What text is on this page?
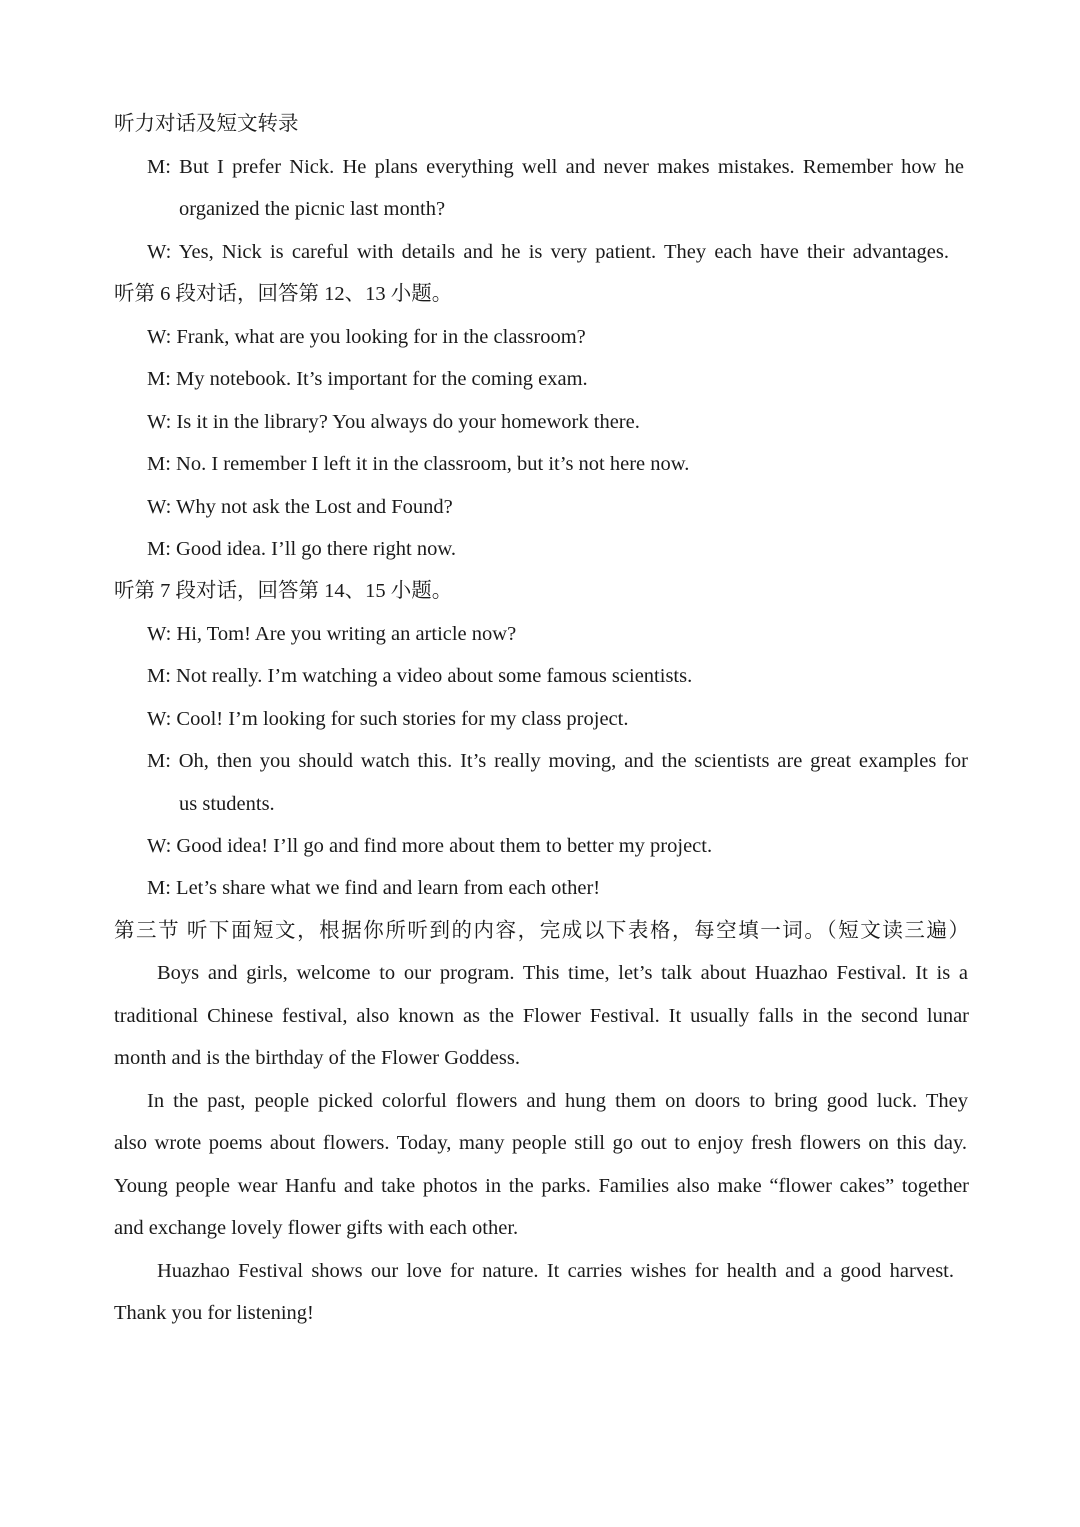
听力对话及短文转录
M: But I prefer Nick. He plans everything well and never makes mistakes. Remember how he
organized the picnic last month?
W: Yes, Nick is careful with details and he is very patient. They each have their advantages.
听第 6 段对话，回答第 12、13 小题。
W: Frank, what are you looking for in the classroom?
M: My notebook. It’s important for the coming exam.
W: Is it in the library? You always do your homework there.
M: No. I remember I left it in the classroom, but it’s not here now.
W: Why not ask the Lost and Found?
M: Good idea. I’ll go there right now.
听第 7 段对话，回答第 14、15 小题。
W: Hi, Tom! Are you writing an article now?
M: Not really. I’m watching a video about some famous scientists.
W: Cool! I’m looking for such stories for my class project.
M: Oh, then you should watch this. It’s really moving, and the scientists are great examples for
us students.
W: Good idea! I’ll go and find more about them to better my project.
M: Let’s share what we find and learn from each other!
第三节 听下面短文，根据你所听到的内容，完成以下表格，每空填一词。（短文读三遍）
Boys and girls, welcome to our program. This time, let’s talk about Huazhao Festival. It is a
traditional Chinese festival, also known as the Flower Festival. It usually falls in the second lunar
month and is the birthday of the Flower Goddess.
In the past, people picked colorful flowers and hung them on doors to bring good luck. They
also wrote poems about flowers. Today, many people still go out to enjoy fresh flowers on this day.
Young people wear Hanfu and take photos in the parks. Families also make “flower cakes” together
and exchange lovely flower gifts with each other.
Huazhao Festival shows our love for nature. It carries wishes for health and a good harvest.
Thank you for listening!
